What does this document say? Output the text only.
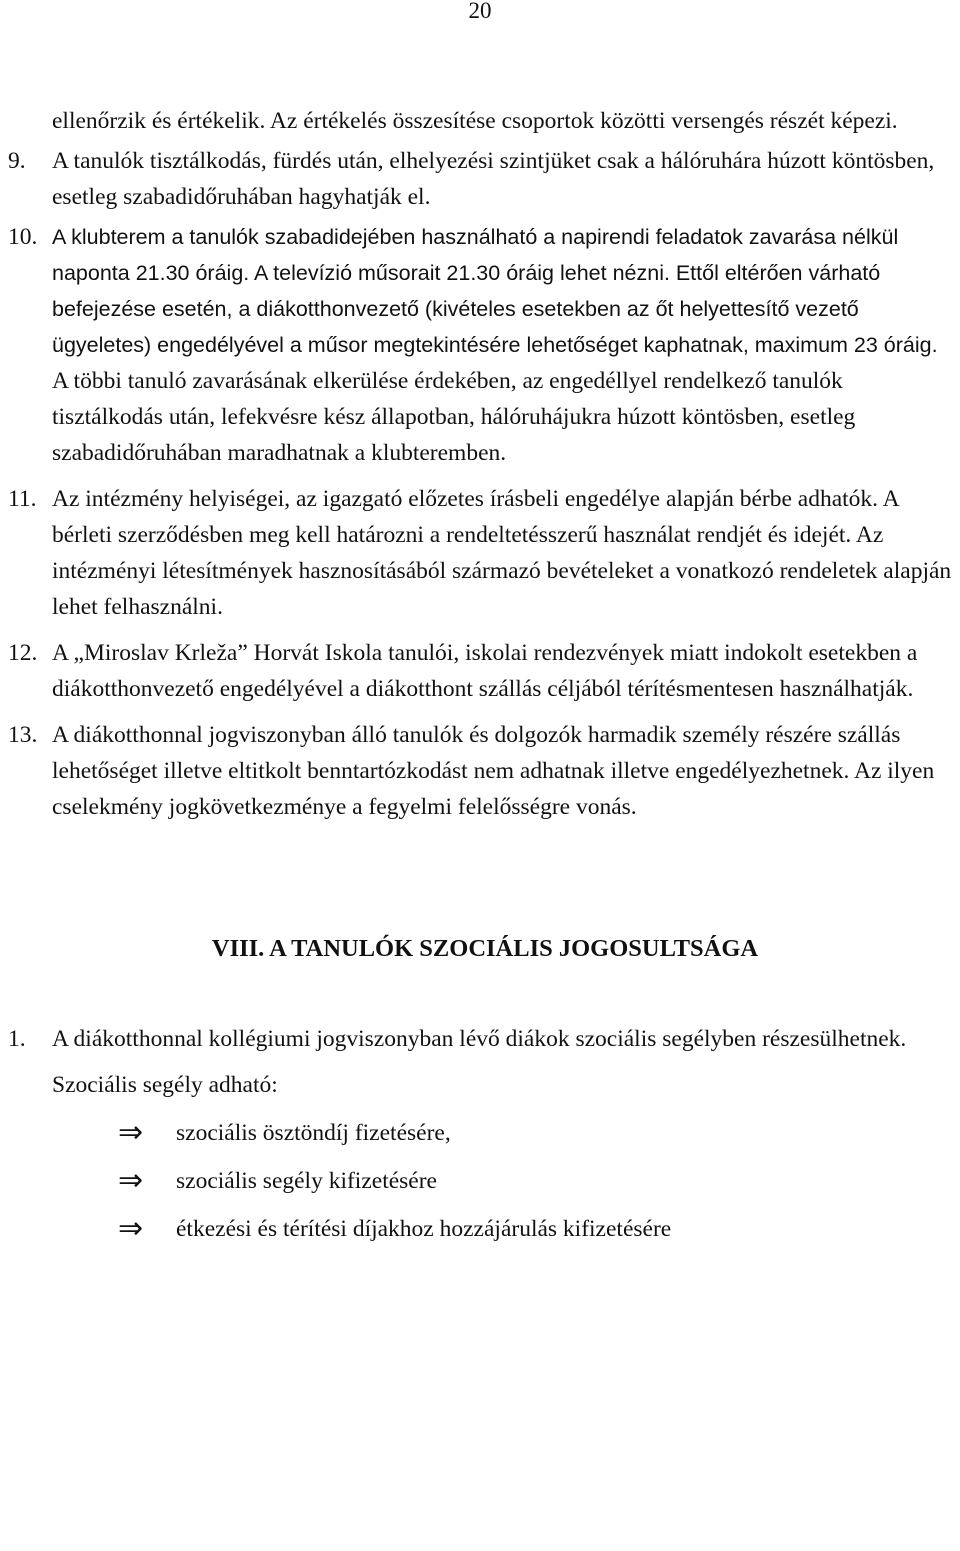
20
ellenőrzik és értékelik. Az értékelés összesítése csoportok közötti versengés részét képezi.
9. A tanulók tisztálkodás, fürdés után, elhelyezési szintjüket csak a hálóruhára húzott köntösben, esetleg szabadidőruhában hagyhatják el.
10. A klubterem a tanulók szabadidejében használható a napirendi feladatok zavarása nélkül naponta 21.30 óráig. A televízió műsorait 21.30 óráig lehet nézni. Ettől eltérően várható befejezése esetén, a diákotthonvezető (kivételes esetekben az őt helyettesítő vezető ügyeletes) engedélyével a műsor megtekintésére lehetőséget kaphatnak, maximum 23 óráig. A többi tanuló zavarásának elkerülése érdekében, az engedéllyel rendelkező tanulók tisztálkodás után, lefekvésre kész állapotban, hálóruhájukra húzott köntösben, esetleg szabadidőruhában maradhatnak a klubteremben.
11. Az intézmény helyiségei, az igazgató előzetes írásbeli engedélye alapján bérbe adhatók. A bérleti szerződésben meg kell határozni a rendeltetésszerű használat rendjét és idejét. Az intézményi létesítmények hasznosításából származó bevételeket a vonatkozó rendeletek alapján lehet felhasználni.
12. A „Miroslav Krleža” Horvát Iskola tanulói, iskolai rendezvények miatt indokolt esetekben a diákotthonvezető engedélyével a diákotthont szállás céljából térítésmentesen használhatják.
13. A diákotthonnal jogviszonyban álló tanulók és dolgozók harmadik személy részére szállás lehetőséget illetve eltitkolt benntartózkodást nem adhatnak illetve engedélyezhetnek. Az ilyen cselekmény jogkövetkezménye a fegyelmi felelősségre vonás.
VIII. A TANULÓK SZOCIÁLIS JOGOSULTSÁGA
1. A diákotthonnal kollégiumi jogviszonyban lévő diákok szociális segélyben részesülhetnek.
Szociális segély adható:
⇒ szociális ösztöndíj fizetésére,
⇒ szociális segély kifizetésére
⇒ étkezési és térítési díjakhoz hozzájárulás kifizetésére
